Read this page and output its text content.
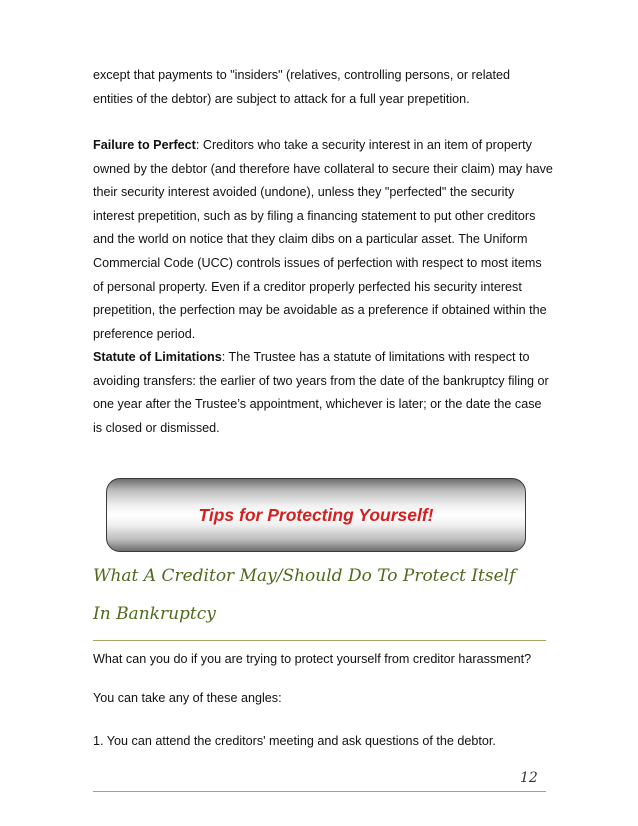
except that payments to "insiders" (relatives, controlling persons, or related entities of the debtor) are subject to attack for a full year prepetition.

Failure to Perfect: Creditors who take a security interest in an item of property owned by the debtor (and therefore have collateral to secure their claim) may have their security interest avoided (undone), unless they "perfected" the security interest prepetition, such as by filing a financing statement to put other creditors and the world on notice that they claim dibs on a particular asset. The Uniform Commercial Code (UCC) controls issues of perfection with respect to most items of personal property. Even if a creditor properly perfected his security interest prepetition, the perfection may be avoidable as a preference if obtained within the preference period.

Statute of Limitations: The Trustee has a statute of limitations with respect to avoiding transfers: the earlier of two years from the date of the bankruptcy filing or one year after the Trustee’s appointment, whichever is later; or the date the case is closed or dismissed.

Tips for Protecting Yourself!

What A Creditor May/Should Do To Protect Itself

In Bankruptcy

What can you do if you are trying to protect yourself from creditor harassment?

You can take any of these angles:

1. You can attend the creditors' meeting and ask questions of the debtor.

12
